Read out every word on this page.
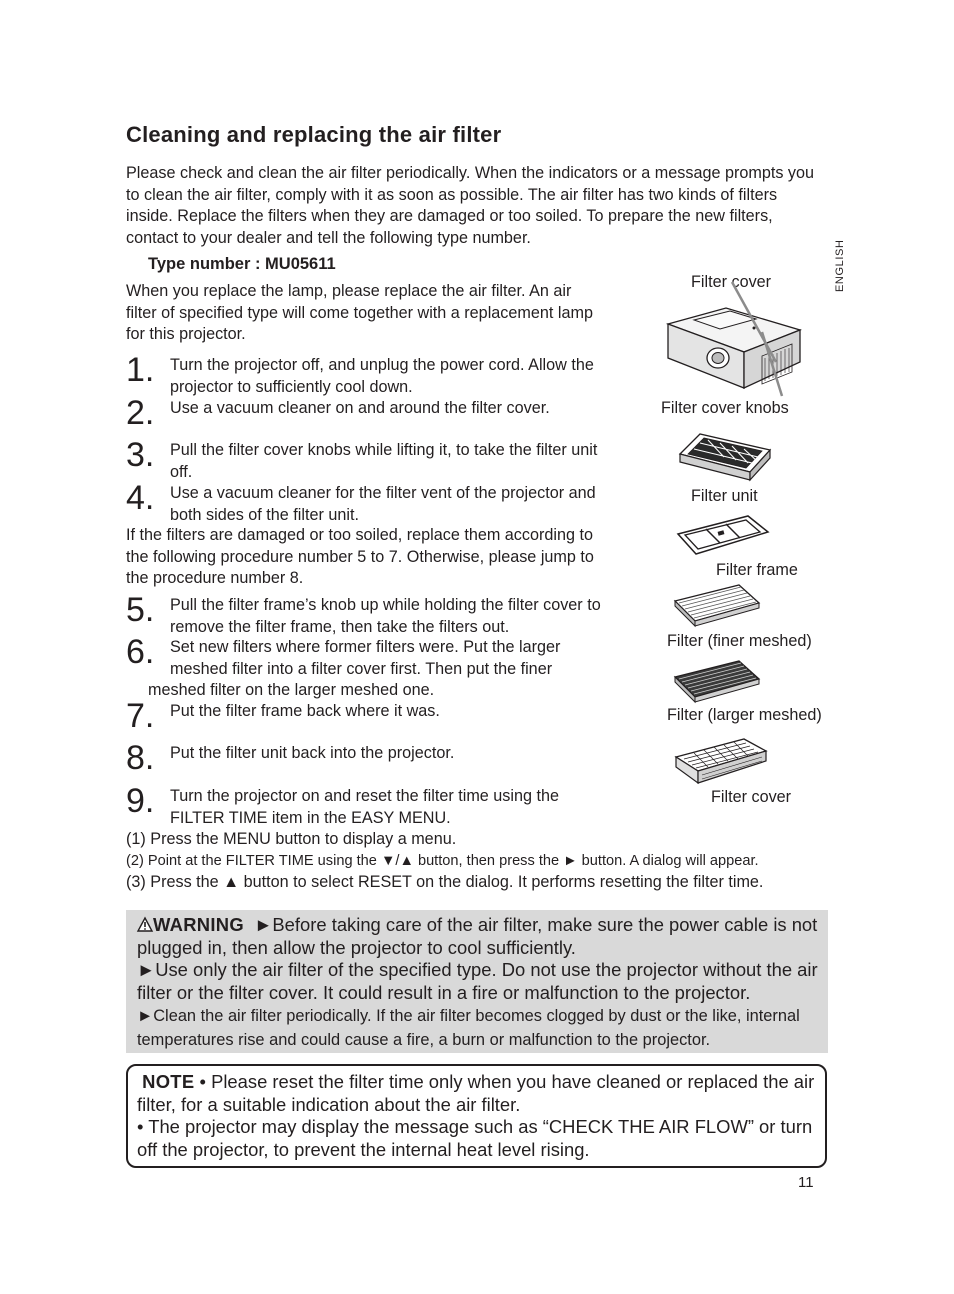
Cleaning and replacing the air filter

Please check and clean the air filter periodically. When the indicators or a message prompts you to clean the air filter, comply with it as soon as possible. The air filter has two kinds of filters inside. Replace the filters when they are damaged or too soiled. To prepare the new filters, contact to your dealer and tell the following type number.

Type number : MU05611

When you replace the lamp, please replace the air filter. An air filter of specified type will come together with a replacement lamp for this projector.

ENGLISH
1. Turn the projector off, and unplug the power cord. Allow the projector to sufficiently cool down.
2. Use a vacuum cleaner on and around the filter cover.
3. Pull the filter cover knobs while lifting it, to take the filter unit off.
4. Use a vacuum cleaner for the filter vent of the projector and both sides of the filter unit.
If the filters are damaged or too soiled, replace them according to the following procedure number 5 to 7. Otherwise, please jump to the procedure number 8.
5. Pull the filter frame’s knob up while holding the filter cover to remove the filter frame, then take the filters out.
6. Set new filters where former filters were. Put the larger meshed filter into a filter cover first. Then put the finer
meshed filter on the larger meshed one.
7. Put the filter frame back where it was.
8. Put the filter unit back into the projector.
9. Turn the projector on and reset the filter time using the FILTER TIME item in the EASY MENU.
(1) Press the MENU button to display a menu.
(2) Point at the FILTER TIME using the ▼/▲ button, then press the ► button. A dialog will appear.
(3) Press the ▲ button to select RESET on the dialog. It performs resetting the filter time.
Filter cover
Filter cover knobs
Filter unit
Filter frame
Filter (finer meshed)
Filter (larger meshed)
Filter cover
WARNING ►Before taking care of the air filter, make sure the power cable is not plugged in, then allow the projector to cool sufficiently.
►Use only the air filter of the specified type. Do not use the projector without the air filter or the filter cover. It could result in a fire or malfunction to the projector.
►Clean the air filter periodically. If the air filter becomes clogged by dust or the like, internal temperatures rise and could cause a fire, a burn or malfunction to the projector.
NOTE • Please reset the filter time only when you have cleaned or replaced the air filter, for a suitable indication about the air filter.
• The projector may display the message such as “CHECK THE AIR FLOW” or turn off the projector, to prevent the internal heat level rising.
11
